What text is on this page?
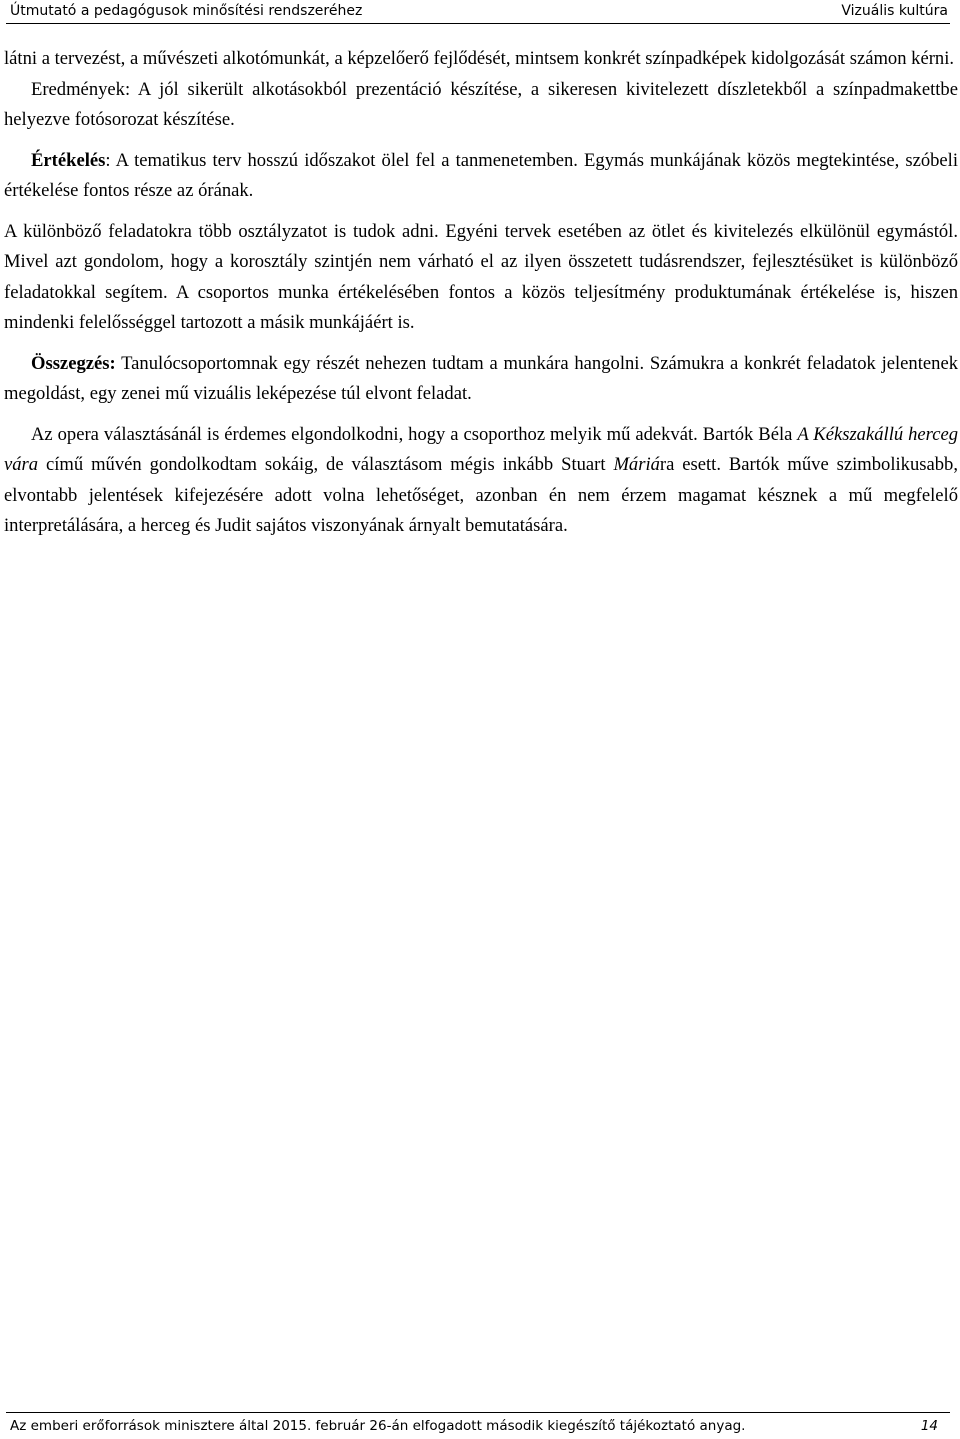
Útmutató a pedagógusok minősítési rendszeréhez	Vizuális kultúra

látni a tervezést, a művészeti alkotómunkát, a képzelőerő fejlődését, mintsem konkrét színpadképek kidolgozását számon kérni.

Eredmények: A jól sikerült alkotásokból prezentáció készítése, a sikeresen kivitelezett díszletekből a színpadmakettbe helyezve fotósorozat készítése.

Értékelés: A tematikus terv hosszú időszakot ölel fel a tanmenetemben. Egymás munkájának közös megtekintése, szóbeli értékelése fontos része az órának.

A különböző feladatokra több osztályzatot is tudok adni. Egyéni tervek esetében az ötlet és kivitelezés elkülönül egymástól. Mivel azt gondolom, hogy a korosztály szintjén nem várható el az ilyen összetett tudásrendszer, fejlesztésüket is különböző feladatokkal segítem. A csoportos munka értékelésében fontos a közös teljesítmény produktumának értékelése is, hiszen mindenki felelősséggel tartozott a másik munkájáért is.

Összegzés: Tanulócsoportomnak egy részét nehezen tudtam a munkára hangolni. Számukra a konkrét feladatok jelentenek megoldást, egy zenei mű vizuális leképezése túl elvont feladat.

Az opera választásánál is érdemes elgondolkodni, hogy a csoporthoz melyik mű adekvát. Bartók Béla A Kékszakállú herceg vára című művén gondolkodtam sokáig, de választásom mégis inkább Stuart Máriára esett. Bartók műve szimbolikusabb, elvontabb jelentések kifejezésére adott volna lehetőséget, azonban én nem érzem magamat késznek a mű megfelelő interpretálására, a herceg és Judit sajátos viszonyának árnyalt bemutatására.

Az emberi erőforrások minisztere által 2015. február 26-án elfogadott második kiegészítő tájékoztató anyag.	14
